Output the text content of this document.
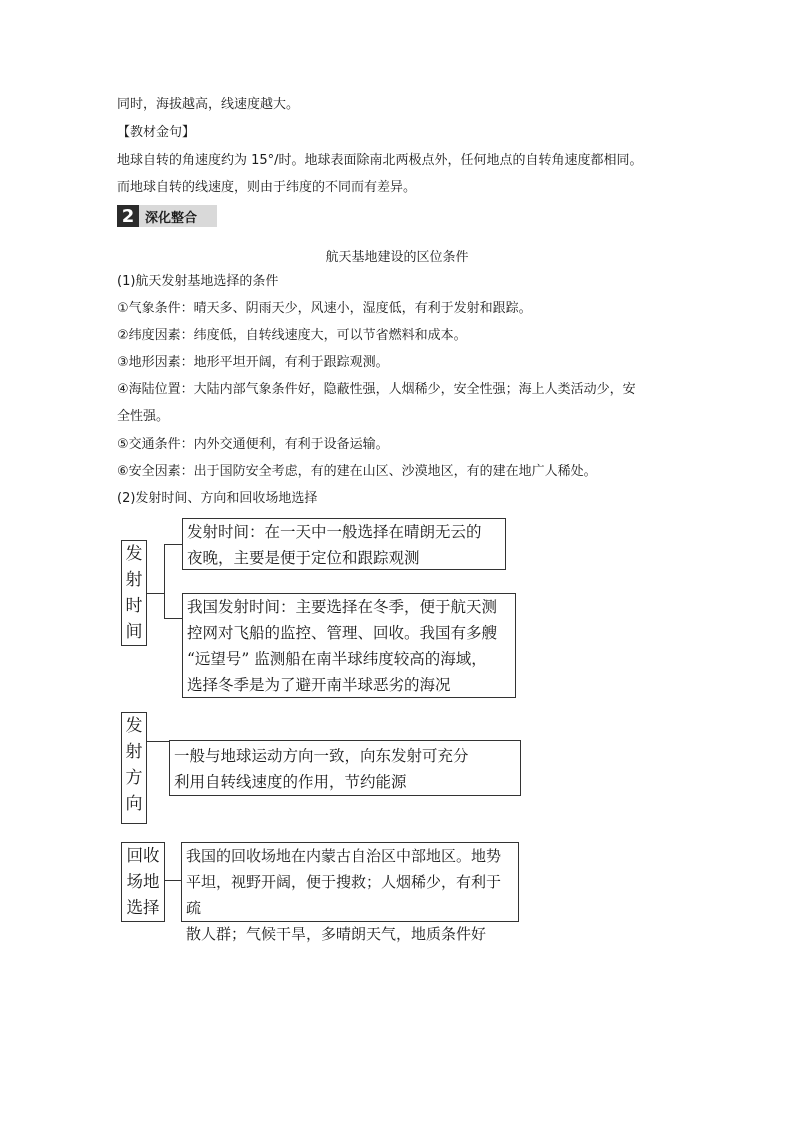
同时，海拔越高，线速度越大。
【教材金句】
地球自转的角速度约为 15°/时。地球表面除南北两极点外，任何地点的自转角速度都相同。
而地球自转的线速度，则由于纬度的不同而有差异。
2 深化整合
航天基地建设的区位条件
(1)航天发射基地选择的条件
①气象条件：晴天多、阴雨天少，风速小，湿度低，有利于发射和跟踪。
②纬度因素：纬度低，自转线速度大，可以节省燃料和成本。
③地形因素：地形平坦开阔，有利于跟踪观测。
④海陆位置：大陆内部气象条件好，隐蔽性强，人烟稀少，安全性强；海上人类活动少，安
全性强。
⑤交通条件：内外交通便利，有利于设备运输。
⑥安全因素：出于国防安全考虑，有的建在山区、沙漠地区，有的建在地广人稀处。
(2)发射时间、方向和回收场地选择
发
射
时
间
发射时间：在一天中一般选择在晴朗无云的
夜晚，主要是便于定位和跟踪观测
我国发射时间：主要选择在冬季，便于航天测
控网对飞船的监控、管理、回收。我国有多艘
“远望号” 监测船在南半球纬度较高的海域，
选择冬季是为了避开南半球恶劣的海况
发
射
方
向
一般与地球运动方向一致，向东发射可充分
利用自转线速度的作用，节约能源
回收
场地
选择
我国的回收场地在内蒙古自治区中部地区。地势
平坦，视野开阔，便于搜救；人烟稀少，有利于疏
散人群；气候干旱，多晴朗天气，地质条件好
